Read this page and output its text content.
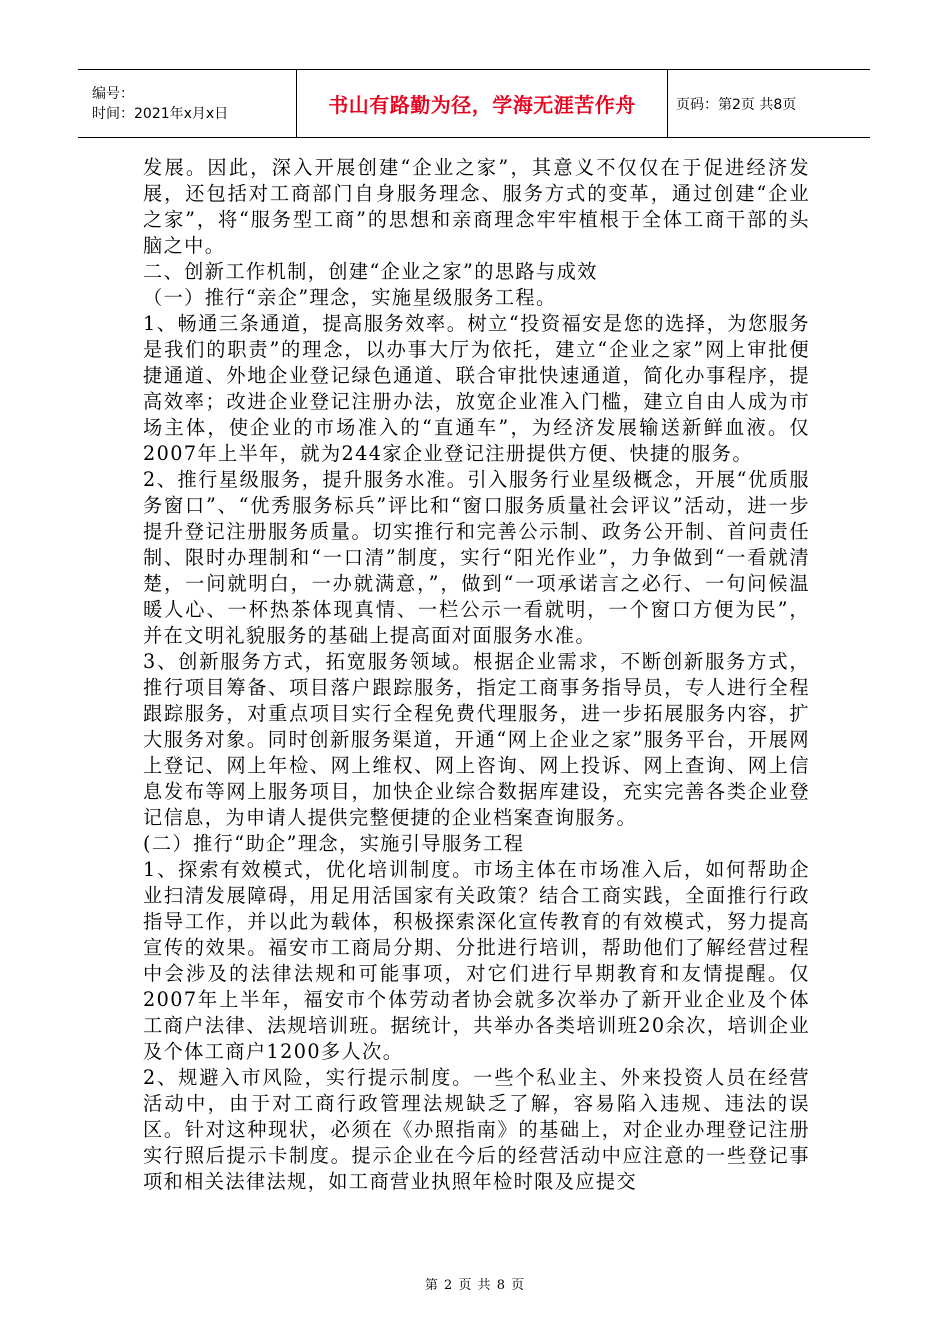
编号：
时间：2021年x月x日	书山有路勤为径，学海无涯苦作舟	页码：第2页 共8页

发展。因此，深入开展创建“企业之家”，其意义不仅仅在于促进经济发展，还包括对工商部门自身服务理念、服务方式的变革，通过创建“企业之家”，将“服务型工商”的思想和亲商理念牢牢植根于全体工商干部的头脑之中。

二、创新工作机制，创建“企业之家”的思路与成效

（一）推行“亲企”理念，实施星级服务工程。

1、畅通三条通道，提高服务效率。树立“投资福安是您的选择，为您服务是我们的职责”的理念，以办事大厅为依托，建立“企业之家”网上审批便捷通道、外地企业登记绿色通道、联合审批快速通道，简化办事程序，提高效率；改进企业登记注册办法，放宽企业准入门槛，建立自由人成为市场主体，使企业的市场准入的“直通车”，为经济发展输送新鲜血液。仅2007年上半年，就为244家企业登记注册提供方便、快捷的服务。

2、推行星级服务，提升服务水准。引入服务行业星级概念，开展“优质服务窗口”、“优秀服务标兵”评比和“窗口服务质量社会评议”活动，进一步提升登记注册服务质量。切实推行和完善公示制、政务公开制、首问责任制、限时办理制和“一口清”制度，实行“阳光作业”，力争做到“一看就清楚，一问就明白，一办就满意，”，做到“一项承诺言之必行、一句问候温暖人心、一杯热茶体现真情、一栏公示一看就明，一个窗口方便为民”，并在文明礼貌服务的基础上提高面对面服务水准。

3、创新服务方式，拓宽服务领域。根据企业需求，不断创新服务方式，推行项目筹备、项目落户跟踪服务，指定工商事务指导员，专人进行全程跟踪服务，对重点项目实行全程免费代理服务，进一步拓展服务内容，扩大服务对象。同时创新服务渠道，开通“网上企业之家”服务平台，开展网上登记、网上年检、网上维权、网上咨询、网上投诉、网上查询、网上信息发布等网上服务项目，加快企业综合数据库建设，充实完善各类企业登记信息，为申请人提供完整便捷的企业档案查询服务。

(二）推行“助企”理念，实施引导服务工程

1、探索有效模式，优化培训制度。市场主体在市场准入后，如何帮助企业扫清发展障碍，用足用活国家有关政策？结合工商实践，全面推行行政指导工作，并以此为载体，积极探索深化宣传教育的有效模式，努力提高宣传的效果。福安市工商局分期、分批进行培训，帮助他们了解经营过程中会涉及的法律法规和可能事项，对它们进行早期教育和友情提醒。仅2007年上半年，福安市个体劳动者协会就多次举办了新开业企业及个体工商户法律、法规培训班。据统计，共举办各类培训班20余次，培训企业及个体工商户1200多人次。

2、规避入市风险，实行提示制度。一些个私业主、外来投资人员在经营活动中，由于对工商行政管理法规缺乏了解，容易陷入违规、违法的误区。针对这种现状，必须在《办照指南》的基础上，对企业办理登记注册实行照后提示卡制度。提示企业在今后的经营活动中应注意的一些登记事项和相关法律法规，如工商营业执照年检时限及应提交

第 2 页 共 8 页
